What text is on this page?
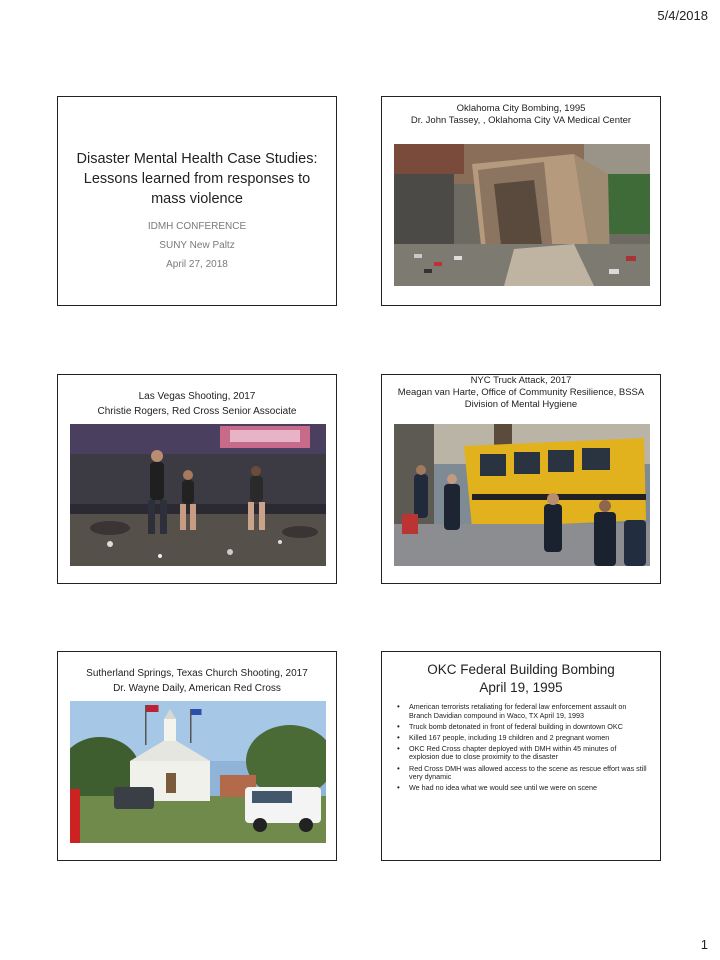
5/4/2018
Disaster Mental Health Case Studies: Lessons learned from responses to mass violence
IDMH CONFERENCE
SUNY New Paltz
April 27, 2018
Oklahoma City Bombing, 1995
Dr. John Tassey, , Oklahoma City VA Medical Center
Las Vegas Shooting, 2017
Christie Rogers, Red Cross Senior Associate
NYC Truck Attack, 2017
Meagan van Harte, Office of Community Resilience, BSSA
Division of Mental Hygiene
Sutherland Springs, Texas Church Shooting, 2017
Dr. Wayne Daily, American Red Cross
OKC Federal Building Bombing
April 19, 1995
• American terrorists retaliating for federal law enforcement assault on Branch Davidian compound in Waco, TX April 19, 1993
• Truck bomb detonated in front of federal building in downtown OKC
• Killed 167 people, including 19 children and 2 pregnant women
• OKC Red Cross chapter deployed with DMH within 45 minutes of explosion due to close proximity to the disaster
• Red Cross DMH was allowed access to the scene as rescue effort was still very dynamic
• We had no idea what we would see until we were on scene
1
